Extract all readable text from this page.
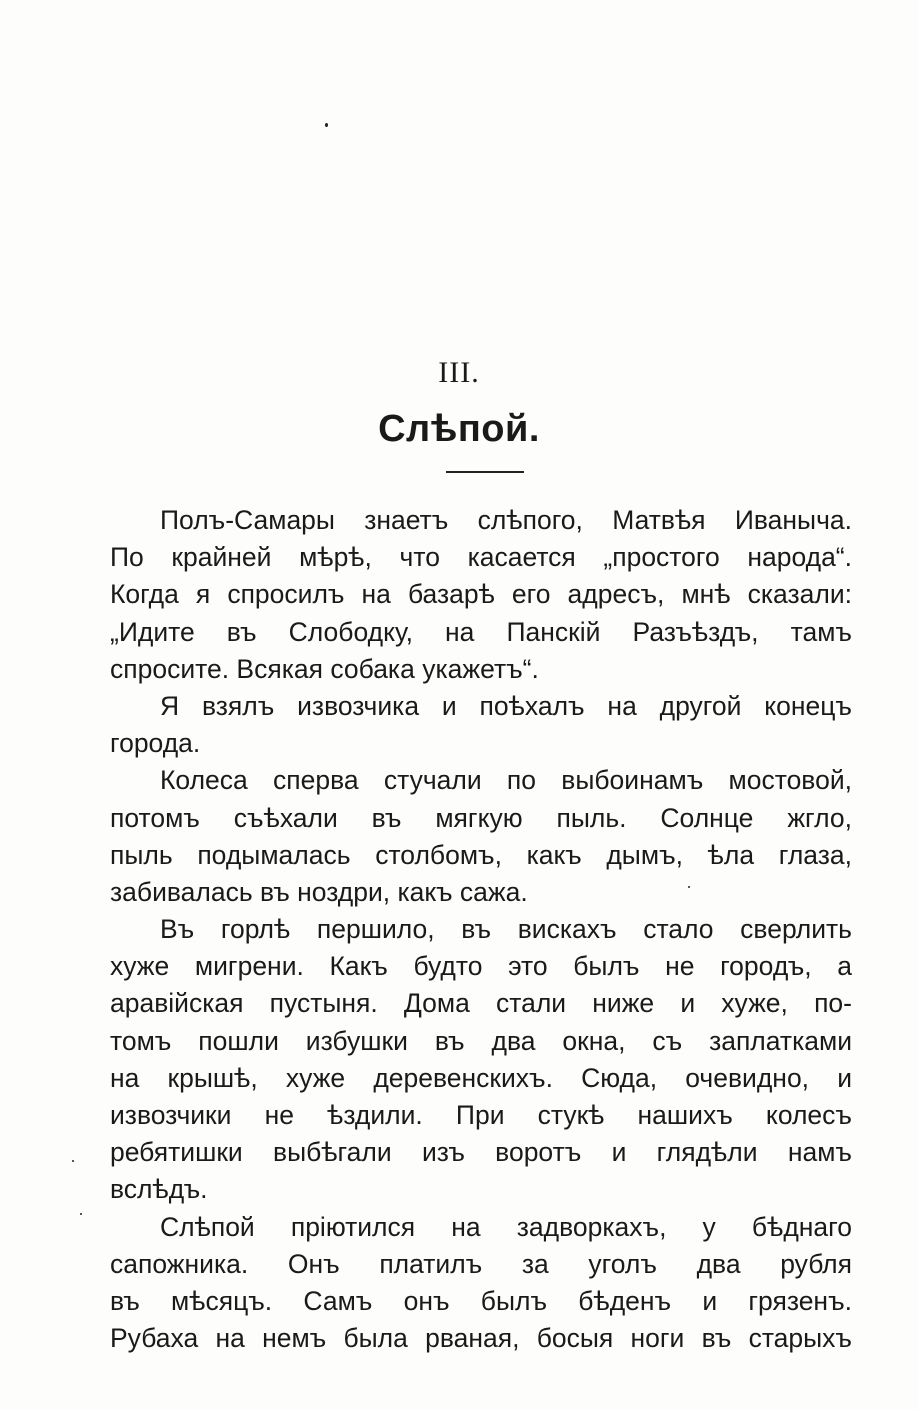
III.
Слѣпой.
Полъ-Самары знаетъ слѣпого, Матвѣя Иваныча.
По крайней мѣрѣ, что касается „простого народа“.
Когда я спросилъ на базарѣ его адресъ, мнѣ сказали:
„Идите въ Слободку, на Панскій Разъѣздъ, тамъ
спросите. Всякая собака укажетъ“.
Я взялъ извозчика и поѣхалъ на другой конецъ
города.
Колеса сперва стучали по выбоинамъ мостовой,
потомъ съѣхали въ мягкую пыль. Солнце жгло,
пыль подымалась столбомъ, какъ дымъ, ѣла глаза,
забивалась въ ноздри, какъ сажа.
Въ горлѣ першило, въ вискахъ стало сверлить
хуже мигрени. Какъ будто это былъ не городъ, а
аравійская пустыня. Дома стали ниже и хуже, по-
томъ пошли избушки въ два окна, съ заплатками
на крышѣ, хуже деревенскихъ. Сюда, очевидно, и
извозчики не ѣздили. При стукѣ нашихъ колесъ
ребятишки выбѣгали изъ воротъ и глядѣли намъ
вслѣдъ.
Слѣпой пріютился на задворкахъ, у бѣднаго
сапожника. Онъ платилъ за уголъ два рубля
въ мѣсяцъ. Самъ онъ былъ бѣденъ и грязенъ.
Рубаха на немъ была рваная, босыя ноги въ старыхъ
